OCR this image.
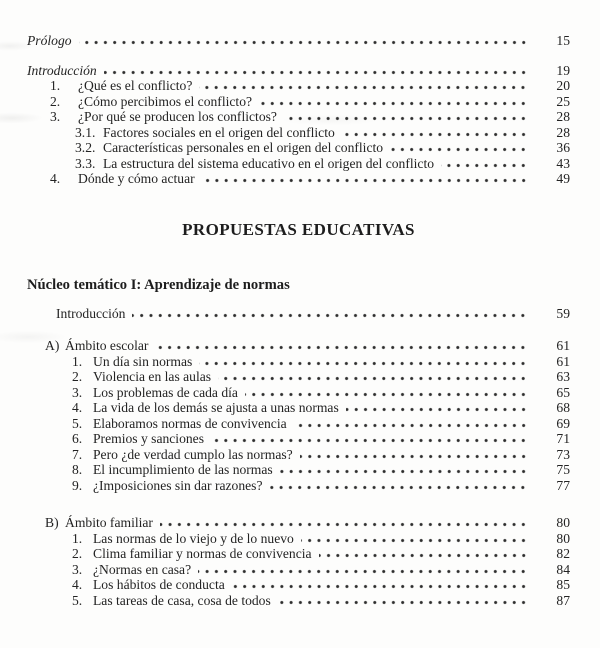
Prólogo	15
Introducción	19
1.	¿Qué es el conflicto?	20
2.	¿Cómo percibimos el conflicto?	25
3.	¿Por qué se producen los conflictos?	28
3.1. Factores sociales en el origen del conflicto	28
3.2. Características personales en el origen del conflicto	36
3.3. La estructura del sistema educativo en el origen del conflicto	43
4.	Dónde y cómo actuar	49
PROPUESTAS EDUCATIVAS
Núcleo temático I: Aprendizaje de normas
Introducción	59
A) Ámbito escolar	61
1. Un día sin normas	61
2. Violencia en las aulas	63
3. Los problemas de cada día	65
4. La vida de los demás se ajusta a unas normas	68
5. Elaboramos normas de convivencia	69
6. Premios y sanciones	71
7. Pero ¿de verdad cumplo las normas?	73
8. El incumplimiento de las normas	75
9. ¿Imposiciones sin dar razones?	77
B) Ámbito familiar	80
1. Las normas de lo viejo y de lo nuevo	80
2. Clima familiar y normas de convivencia	82
3. ¿Normas en casa?	84
4. Los hábitos de conducta	85
5. Las tareas de casa, cosa de todos	87
